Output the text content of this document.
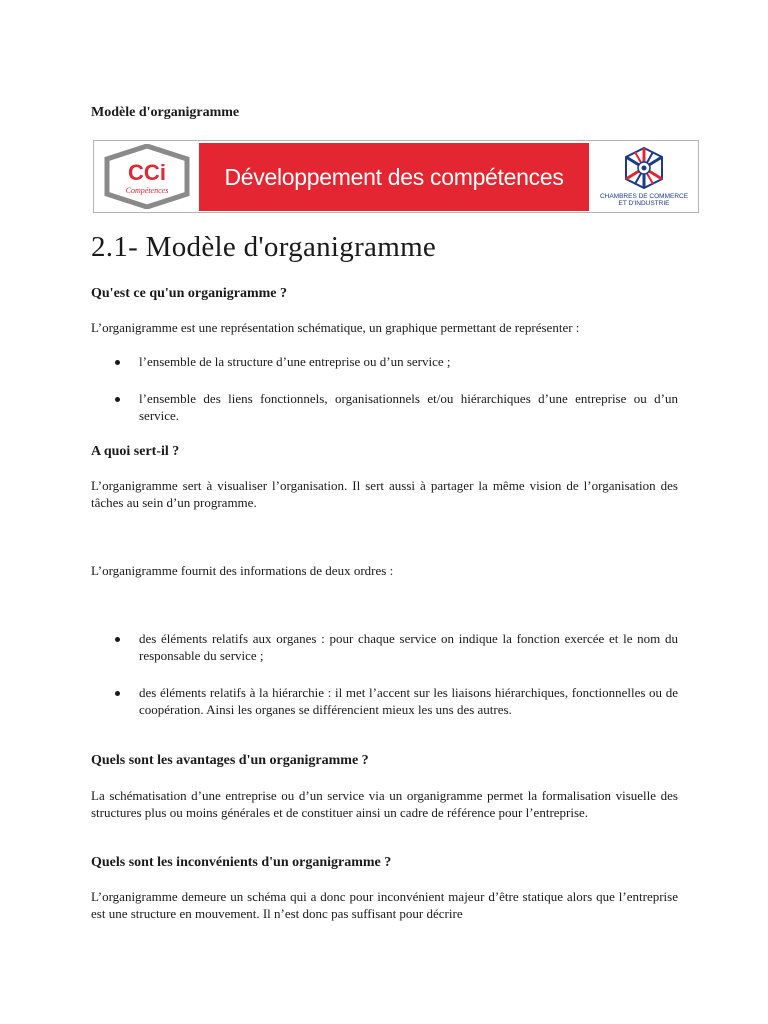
Modèle d'organigramme
CCi
Compétences
Développement des compétences
CHAMBRES DE COMMERCE
ET D'INDUSTRIE
2.1- Modèle d'organigramme
Qu'est ce qu'un organigramme ?

L’organigramme est une représentation schématique, un graphique permettant de représenter :

l’ensemble de la structure d’une entreprise ou d’un service ;
l’ensemble des liens fonctionnels, organisationnels et/ou hiérarchiques d’une entreprise ou d’un service.
A quoi sert-il ?

L’organigramme sert à visualiser l’organisation. Il sert aussi à partager la même vision de l’organisation des tâches au sein d’un programme.

L’organigramme fournit des informations de deux ordres :

des éléments relatifs aux organes : pour chaque service on indique la fonction exercée et le nom du responsable du service ;
des éléments relatifs à la hiérarchie : il met l’accent sur les liaisons hiérarchiques, fonctionnelles ou de coopération. Ainsi les organes se différencient mieux les uns des autres.
Quels sont les avantages d'un organigramme ?

La schématisation d’une entreprise ou d’un service via un organigramme permet la formalisation visuelle des structures plus ou moins générales et de constituer ainsi un cadre de référence pour l’entreprise.

Quels sont les inconvénients d'un organigramme ?

L’organigramme demeure un schéma qui a donc pour inconvénient majeur d’être statique alors que l’entreprise est une structure en mouvement. Il n’est donc pas suffisant pour décrire
